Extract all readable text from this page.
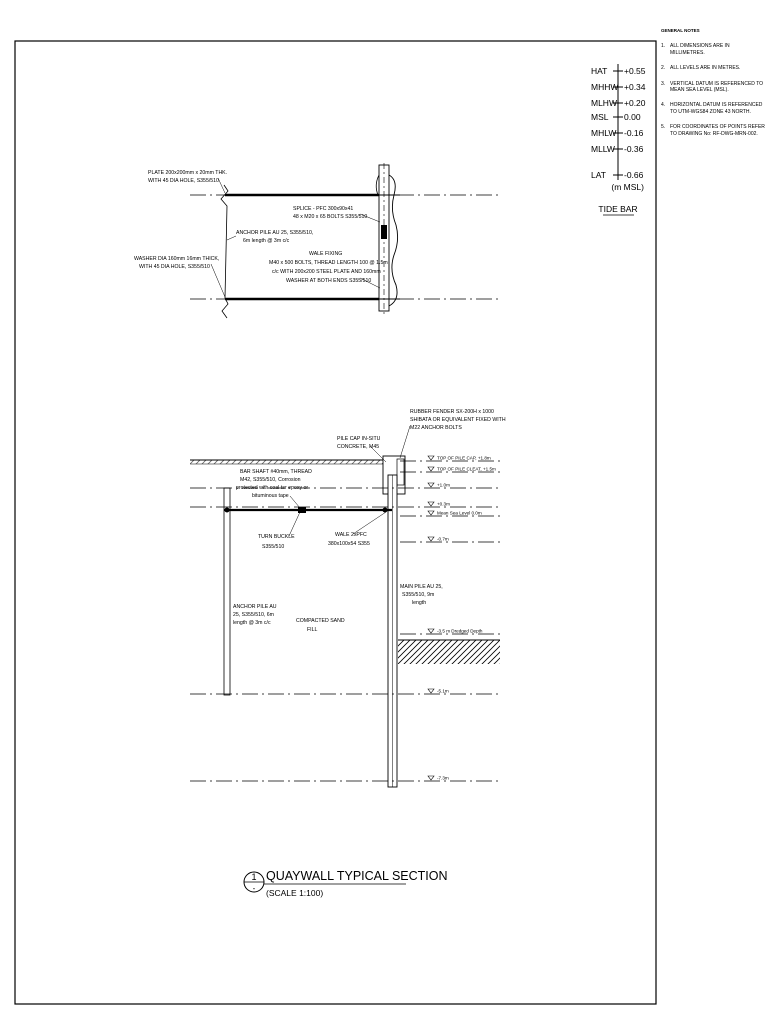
HAT +0.55
MHHW +0.34
MLHW +0.20
MSL 0.00
MHLW -0.16
MLLW -0.36
LAT -0.66
(m MSL)
TIDE BAR
PLATE 200x200mm x 20mm THK.
WITH 45 DIA HOLE, S355/510
SPLICE - PFC 300x90x41
48 x M20 x 65 BOLTS S355/510
ANCHOR PILE AU 25, S355/510,
6m length @ 3m c/c
WASHER DIA 160mm 16mm THICK,
WITH 45 DIA HOLE, S355/510
WALE FIXING
M40 x 500 BOLTS, THREAD LENGTH 100 @ 1.5m
c/c WITH 200x200 STEEL PLATE AND 160mm
WASHER AT BOTH ENDS S355/510
TOP OF PILE CAP, +1.8m
TOP OF PILE CLEAT, +1.5m
+1.0m
+0.3m
Mean Sea Level 0.0m
-0.7m
-3.5 m Dredged Depth
-5.1m
-7.3m
RUBBER FENDER SX-200H x 1000
SHIBATA OR EQUIVALENT FIXED WITH
M22 ANCHOR BOLTS
PILE CAP IN-SITU
CONCRETE, M45
BAR SHAFT #40mm, THREAD
M42, S355/510, Corrosion
protected with coal tar epoxy or
bituminous tape
TURN BUCKLE
S355/510
WALE 2xPFC
380x100x54 S355
MAIN PILE AU 25,
S355/510, 9m
length
ANCHOR PILE AU
25, S355/510, 6m
length @ 3m c/c	COMPACTED SAND
FILL
1
-
QUAYWALL TYPICAL SECTION
(SCALE 1:100)
GENERAL NOTES
1. ALL DIMENSIONS ARE IN MILLIMETRES.
2. ALL LEVELS ARE IN METRES.
3. VERTICAL DATUM IS REFERENCED TO MEAN SEA LEVEL (MSL).
4. HORIZONTAL DATUM IS REFERENCED TO UTM-WGS84 ZONE 43 NORTH.
5. FOR COORDINATES OF POINTS REFER TO DRAWING No: RF-DWG-MRN-002.
